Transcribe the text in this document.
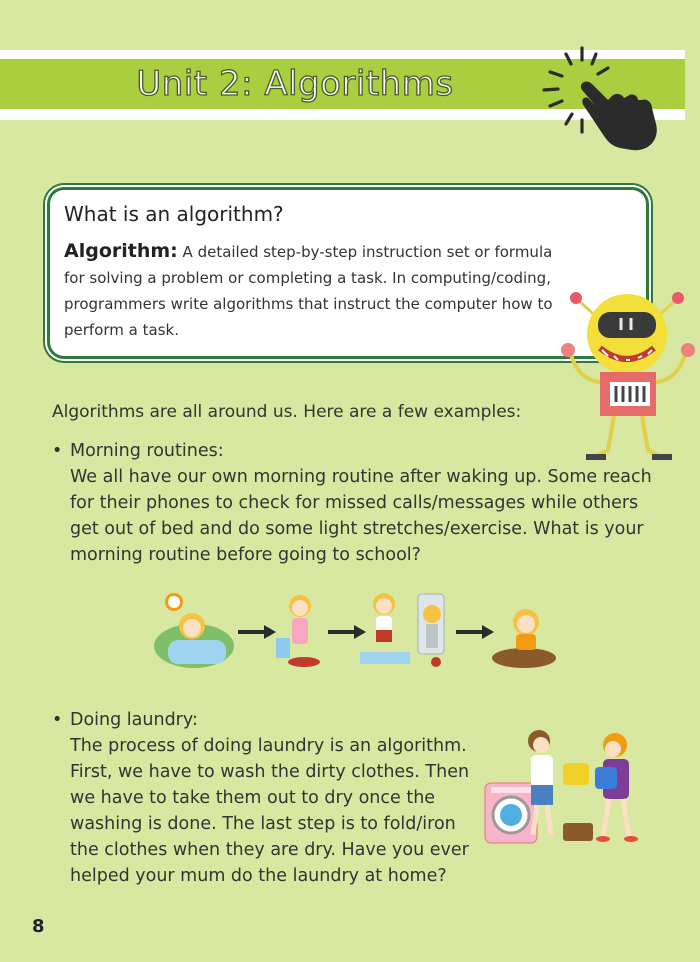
Unit 2: Algorithms
What is an algorithm?
Algorithm: A detailed step-by-step instruction set or formula
for solving a problem or completing a task. In computing/coding,
programmers write algorithms that instruct the computer how to
perform a task.
Algorithms are all around us. Here are a few examples:
• Morning routines:
We all have our own morning routine after waking up. Some reach
for their phones to check for missed calls/messages while others
get out of bed and do some light stretches/exercise. What is your
morning routine before going to school?
• Doing laundry:
The process of doing laundry is an algorithm.
First, we have to wash the dirty clothes. Then
we have to take them out to dry once the
washing is done. The last step is to fold/iron
the clothes when they are dry. Have you ever
helped your mum do the laundry at home?
8
